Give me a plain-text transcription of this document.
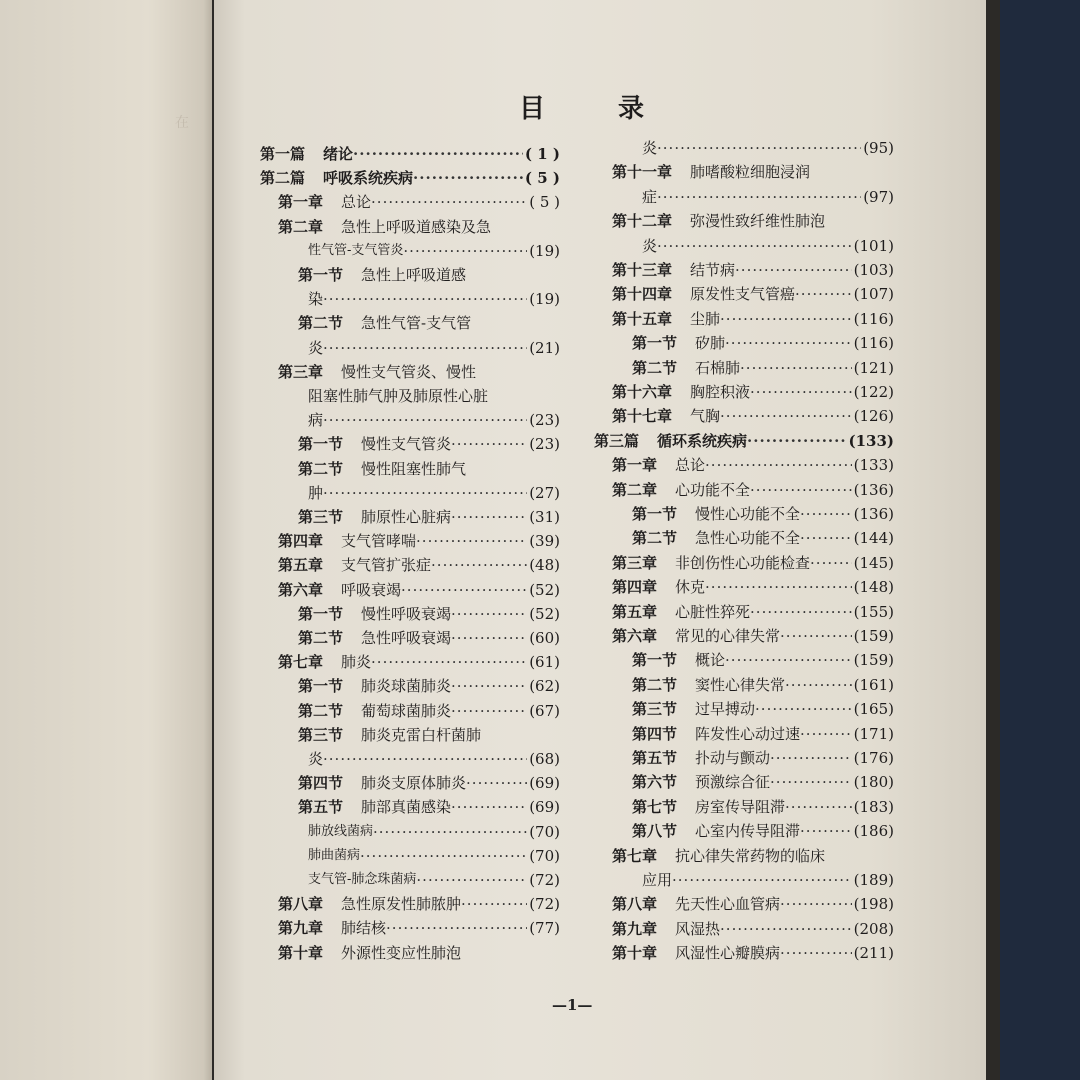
在
　　　　	目 录
第一篇 绪论 ·····	( 1 )
第二篇 呼吸系统疾病 ·····	( 5 )
第一章 总论 ·····	( 5 )
第二章 急性上呼吸道感染及急
性气管-支气管炎 ·····	(19)
第一节 急性上呼吸道感
染 ·····	(19)
第二节 急性气管-支气管
炎 ·····	(21)
第三章 慢性支气管炎、慢性
阻塞性肺气肿及肺原性心脏
病 ·····	(23)
第一节 慢性支气管炎 ·····	(23)
第二节 慢性阻塞性肺气
肿 ·····	(27)
第三节 肺原性心脏病 ·····	(31)
第四章 支气管哮喘 ·····	(39)
第五章 支气管扩张症 ·····	(48)
第六章 呼吸衰竭 ·····	(52)
第一节 慢性呼吸衰竭 ·····	(52)
第二节 急性呼吸衰竭 ·····	(60)
第七章 肺炎 ·····	(61)
第一节 肺炎球菌肺炎 ·····	(62)
第二节 葡萄球菌肺炎 ·····	(67)
第三节 肺炎克雷白杆菌肺
炎 ·····	(68)
第四节 肺炎支原体肺炎 ·····	(69)
第五节 肺部真菌感染 ·····	(69)
肺放线菌病 ·····	(70)
肺曲菌病 ·····	(70)
支气管-肺念珠菌病 ·····	(72)
第八章 急性原发性肺脓肿 ·····	(72)
第九章 肺结核 ·····	(77)
第十章 外源性变应性肺泡
炎 ·····	(95)
第十一章 肺嗜酸粒细胞浸润
症 ·····	(97)
第十二章 弥漫性致纤维性肺泡
炎 ·····	(101)
第十三章 结节病 ·····	(103)
第十四章 原发性支气管癌 ·····	(107)
第十五章 尘肺 ·····	(116)
第一节 矽肺 ·····	(116)
第二节 石棉肺 ·····	(121)
第十六章 胸腔积液 ·····	(122)
第十七章 气胸 ·····	(126)
第三篇 循环系统疾病 ·····	(133)
第一章 总论 ·····	(133)
第二章 心功能不全 ·····	(136)
第一节 慢性心功能不全 ·····	(136)
第二节 急性心功能不全 ·····	(144)
第三章 非创伤性心功能检查 ·····	(145)
第四章 休克 ·····	(148)
第五章 心脏性猝死 ·····	(155)
第六章 常见的心律失常 ·····	(159)
第一节 概论 ·····	(159)
第二节 窦性心律失常 ·····	(161)
第三节 过早搏动 ·····	(165)
第四节 阵发性心动过速 ·····	(171)
第五节 扑动与颤动 ·····	(176)
第六节 预激综合征 ·····	(180)
第七节 房室传导阻滞 ·····	(183)
第八节 心室内传导阻滞 ·····	(186)
第七章 抗心律失常药物的临床
应用 ·····	(189)
第八章 先天性心血管病 ·····	(198)
第九章 风湿热 ·····	(208)
第十章 风湿性心瓣膜病 ·····	(211)
—1—
